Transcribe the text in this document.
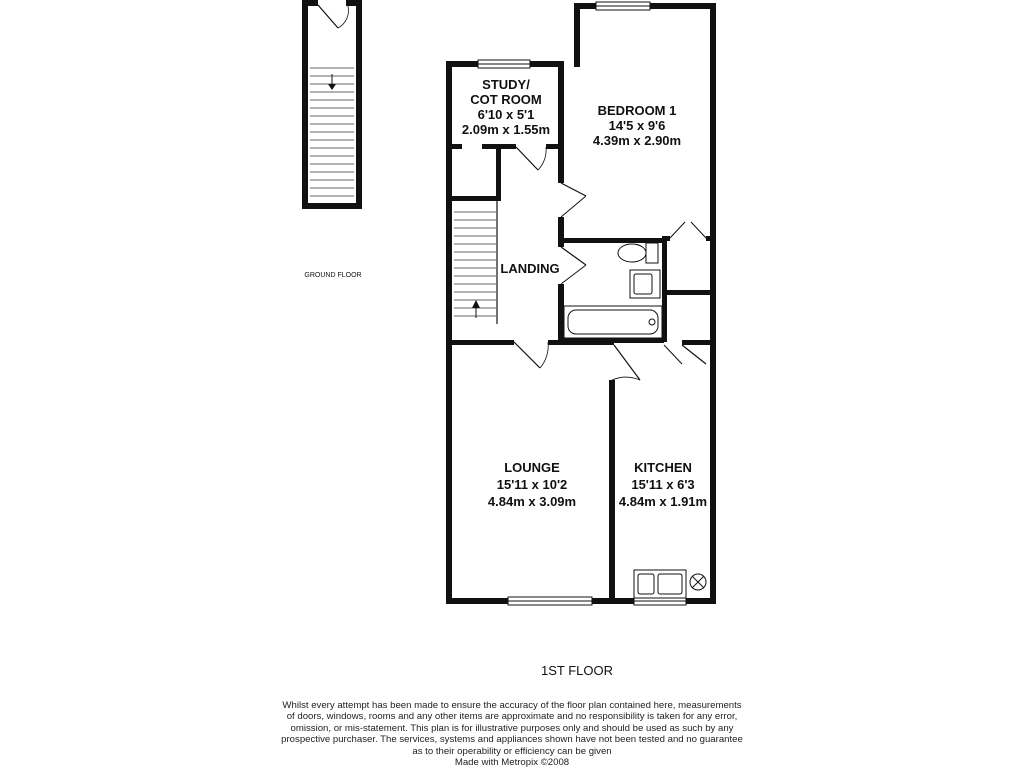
GROUND FLOOR
STUDY/
COT ROOM
6'10 x 5'1
2.09m x 1.55m
BEDROOM 1
14'5 x 9'6
4.39m x 2.90m
LANDING
LOUNGE
15'11 x 10'2
4.84m x 3.09m
KITCHEN
15'11 x 6'3
4.84m x 1.91m
1ST FLOOR
Whilst every attempt has been made to ensure the accuracy of the floor plan contained here, measurements
of doors, windows, rooms and any other items are approximate and no responsibility is taken for any error,
omission, or mis-statement. This plan is for illustrative purposes only and should be used as such by any
prospective purchaser. The services, systems and appliances shown have not been tested and no guarantee
as to their operability or efficiency can be given
Made with Metropix ©2008
